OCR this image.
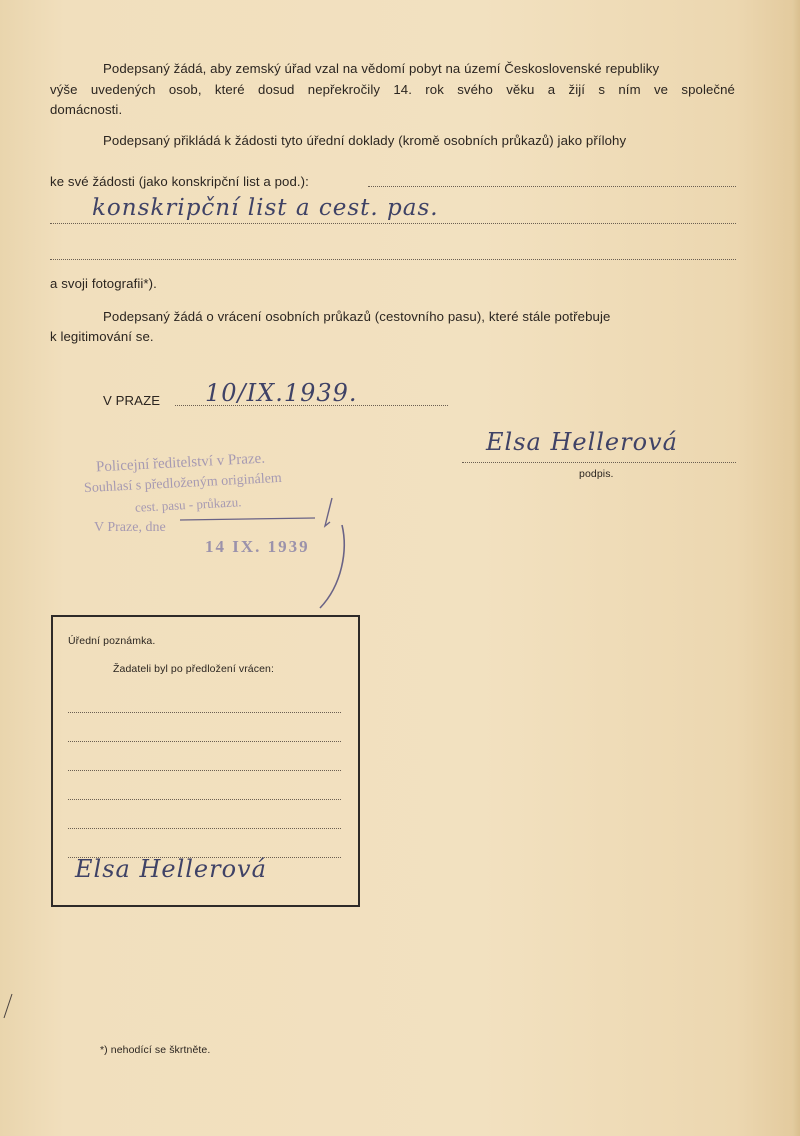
Podepsaný žádá, aby zemský úřad vzal na vědomí pobyt na území Československé republiky
výše uvedených osob, které dosud nepřekročily 14. rok svého věku a žijí s ním ve společné
domácnosti.
Podepsaný přikládá k žádosti tyto úřední doklady (kromě osobních průkazů) jako přílohy
ke své žádosti (jako konskripční list a pod.):
konskripční list a cest. pas.
a svoji fotografii*).
Podepsaný žádá o vrácení osobních průkazů (cestovního pasu), které stále potřebuje
k legitimování se.
V PRAZE 10/IX.1939.
Elsa Hellerová
podpis.
Policejní ředitelství v Praze.
Souhlasí s předloženým originálem
cest. pasu - průkazu.
V Praze, dne
14 IX. 1939
Úřední poznámka.
Žadateli byl po předložení vrácen:
Elsa Hellerová
*) nehodící se škrtněte.
